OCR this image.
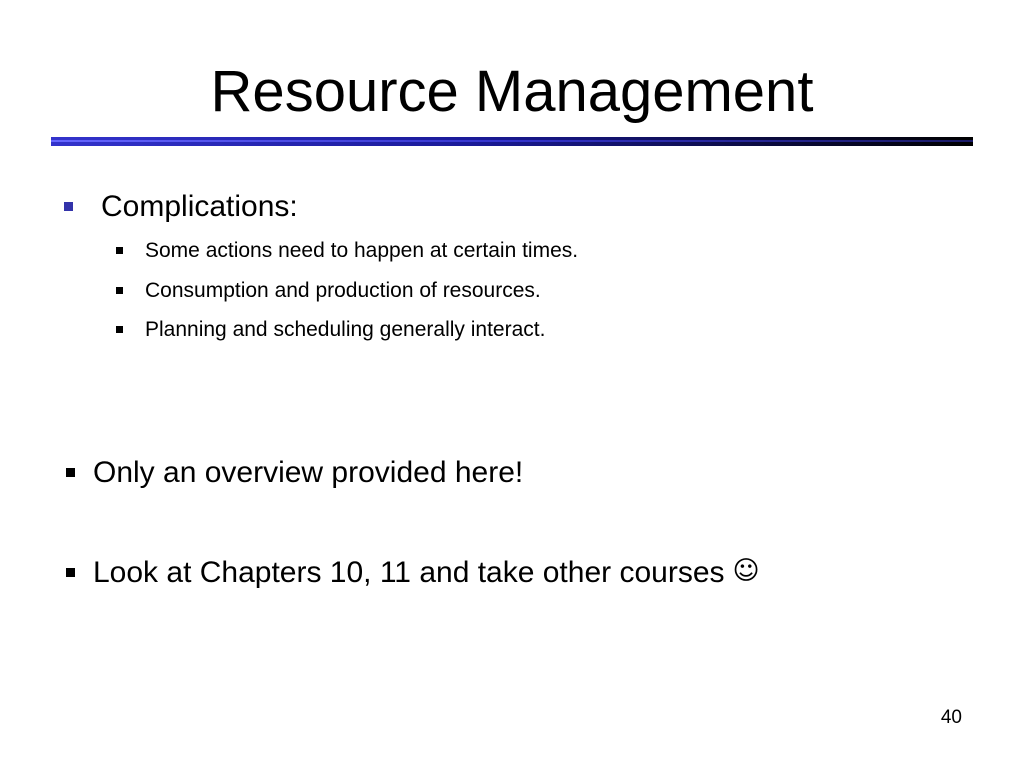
Resource Management
Complications:
Some actions need to happen at certain times.
Consumption and production of resources.
Planning and scheduling generally interact.
Only an overview provided here!
Look at Chapters 10, 11 and take other courses ☺
40
